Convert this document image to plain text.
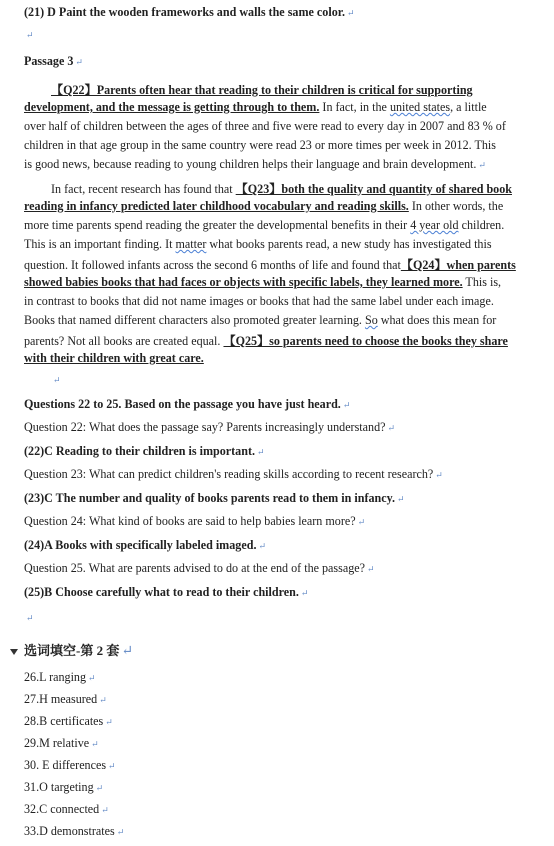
(21) D Paint the wooden frameworks and walls the same color. ↵
↵
Passage 3 ↵
【Q22】Parents often hear that reading to their children is critical for supporting
development, and the message is getting through to them. In fact, in the united states, a little
over half of children between the ages of three and five were read to every day in 2007 and 83 % of
children in that age group in the same country were read 23 or more times per week in 2012. This
is good news, because reading to young children helps their language and brain development. ↵
In fact, recent research has found that 【Q23】both the quality and quantity of shared book
reading in infancy predicted later childhood vocabulary and reading skills. In other words, the
more time parents spend reading the greater the developmental benefits in their 4 year old children.
This is an important finding. It matter what books parents read, a new study has investigated this
question. It followed infants across the second 6 months of life and found that【Q24】when parents
showed babies books that had faces or objects with specific labels, they learned more. This is,
in contrast to books that did not name images or books that had the same label under each image.
Books that named different characters also promoted greater learning. So what does this mean for
parents? Not all books are created equal. 【Q25】so parents need to choose the books they share
with their children with great care.
↵
Questions 22 to 25. Based on the passage you have just heard. ↵
Question 22: What does the passage say? Parents increasingly understand? ↵
(22)C Reading to their children is important. ↵
Question 23: What can predict children's reading skills according to recent research? ↵
(23)C The number and quality of books parents read to them in infancy. ↵
Question 24: What kind of books are said to help babies learn more? ↵
(24)A Books with specifically labeled imaged. ↵
Question 25. What are parents advised to do at the end of the passage? ↵
(25)B Choose carefully what to read to their children. ↵
↵
选词填空-第 2 套 ↵
26.L ranging ↵
27.H measured ↵
28.B certificates ↵
29.M relative ↵
30. E differences ↵
31.O targeting ↵
32.C connected ↵
33.D demonstrates ↵
